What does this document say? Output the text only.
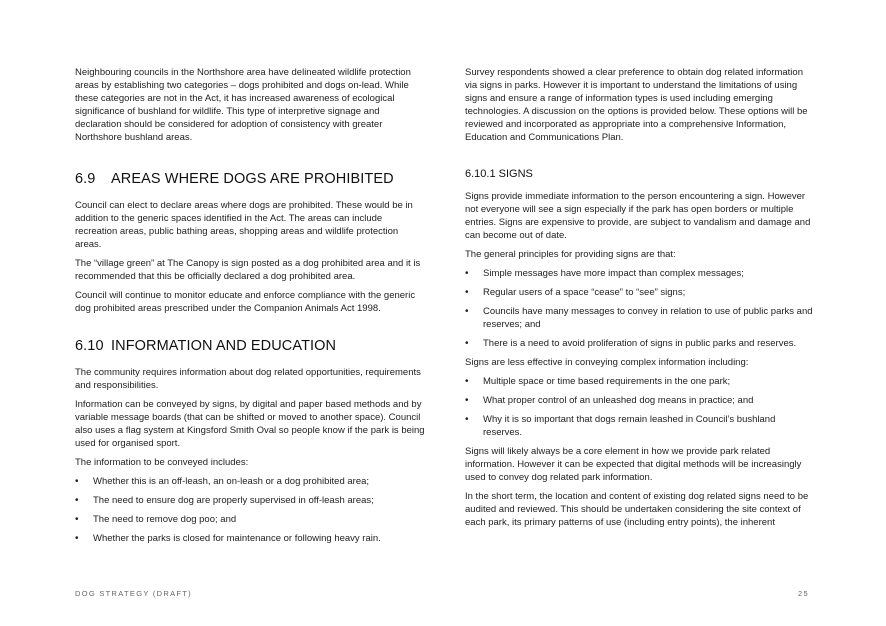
Neighbouring councils in the Northshore area have delineated wildlife protection areas by establishing two categories – dogs prohibited and dogs on-lead. While these categories are not in the Act, it has increased awareness of ecological significance of bushland for wildlife. This type of interpretive signage and declaration should be considered for adoption of consistency with greater Northshore bushland areas.

6.9 AREAS WHERE DOGS ARE PROHIBITED

Council can elect to declare areas where dogs are prohibited. These would be in addition to the generic spaces identified in the Act. The areas can include recreation areas, public bathing areas, shopping areas and wildlife protection areas.

The “village green” at The Canopy is sign posted as a dog prohibited area and it is recommended that this be officially declared a dog prohibited area.

Council will continue to monitor educate and enforce compliance with the generic dog prohibited areas prescribed under the Companion Animals Act 1998.

6.10 INFORMATION AND EDUCATION

The community requires information about dog related opportunities, requirements and responsibilities.

Information can be conveyed by signs, by digital and paper based methods and by variable message boards (that can be shifted or moved to another space). Council also uses a flag system at Kingsford Smith Oval so people know if the park is being used for organised sport.

The information to be conveyed includes:

• Whether this is an off-leash, an on-leash or a dog prohibited area;
• The need to ensure dog are properly supervised in off-leash areas;
• The need to remove dog poo; and
• Whether the parks is closed for maintenance or following heavy rain.

Survey respondents showed a clear preference to obtain dog related information via signs in parks. However it is important to understand the limitations of using signs and ensure a range of information types is used including emerging technologies. A discussion on the options is provided below. These options will be reviewed and incorporated as appropriate into a comprehensive Information, Education and Communications Plan.

6.10.1 SIGNS

Signs provide immediate information to the person encountering a sign. However not everyone will see a sign especially if the park has open borders or multiple entries. Signs are expensive to provide, are subject to vandalism and damage and can become out of date.

The general principles for providing signs are that:

• Simple messages have more impact than complex messages;
• Regular users of a space “cease” to “see” signs;
• Councils have many messages to convey in relation to use of public parks and reserves; and
• There is a need to avoid proliferation of signs in public parks and reserves.

Signs are less effective in conveying complex information including:

• Multiple space or time based requirements in the one park;
• What proper control of an unleashed dog means in practice; and
• Why it is so important that dogs remain leashed in Council’s bushland reserves.

Signs will likely always be a core element in how we provide park related information. However it can be expected that digital methods will be increasingly used to convey dog related park information.

In the short term, the location and content of existing dog related signs need to be audited and reviewed. This should be undertaken considering the site context of each park, its primary patterns of use (including entry points), the inherent

DOG STRATEGY (DRAFT)	25
